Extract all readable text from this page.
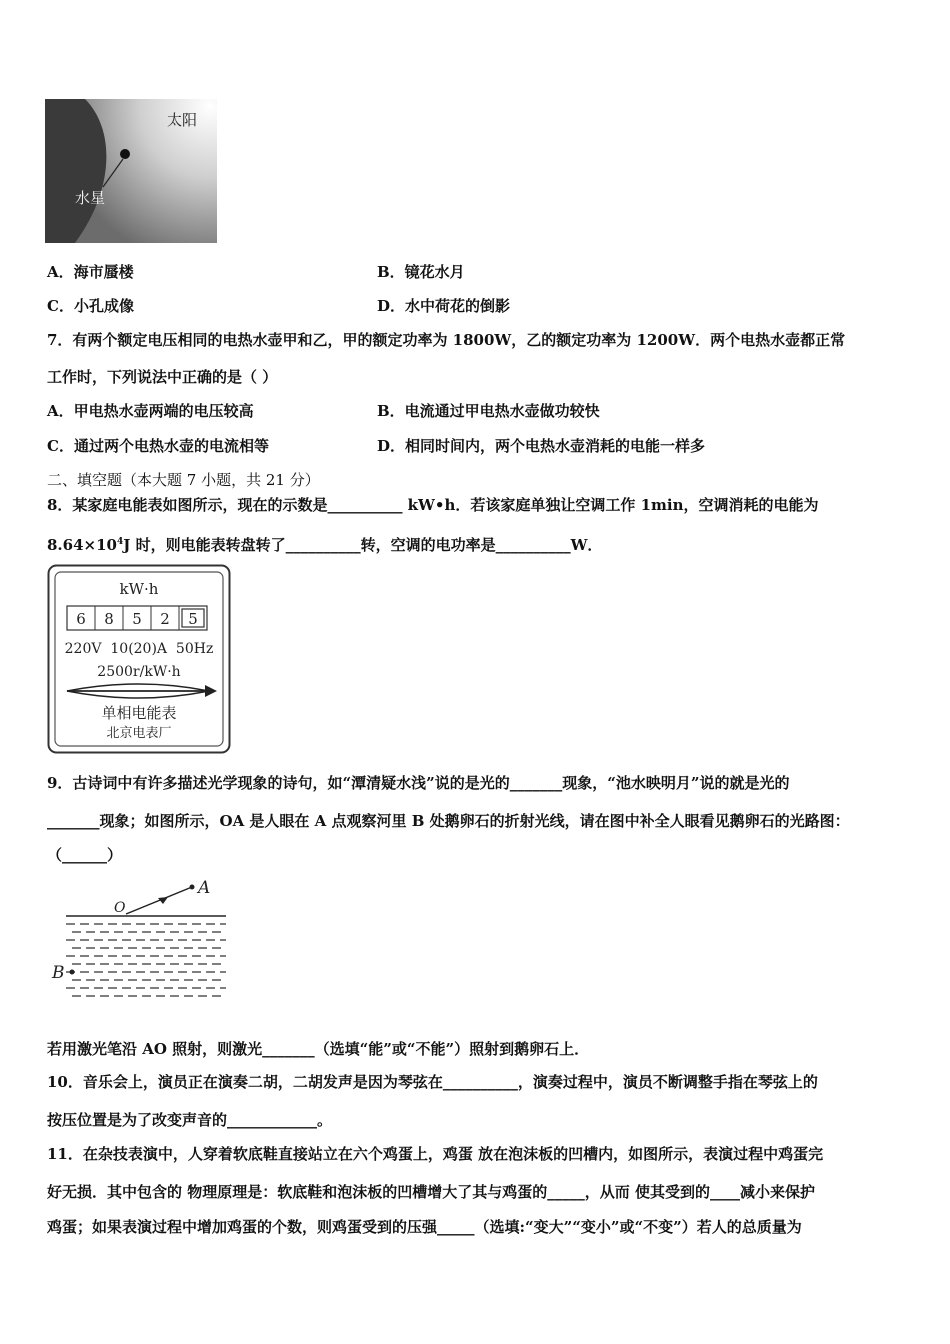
太阳
水星
A．海市蜃楼	B．镜花水月
C．小孔成像	D．水中荷花的倒影
7．有两个额定电压相同的电热水壶甲和乙，甲的额定功率为 1800W，乙的额定功率为 1200W．两个电热水壶都正常
工作时，下列说法中正确的是（ ）
A．甲电热水壶两端的电压较高	B．电流通过甲电热水壶做功较快
C．通过两个电热水壶的电流相等	D．相同时间内，两个电热水壶消耗的电能一样多
二、填空题（本大题 7 小题，共 21 分）
8．某家庭电能表如图所示，现在的示数是__________ kW•h．若该家庭单独让空调工作 1min，空调消耗的电能为
$8.64\times 10^4J$ 时，则电能表转盘转了__________转，空调的电功率是__________W．
kW·h
6 8 5 2 5
220V  10(20)A  50Hz
2500r/kW·h
单相电能表
北京电表厂
9．古诗词中有许多描述光学现象的诗句，如“潭清疑水浅”说的是光的_______现象，“池水映明月”说的就是光的
_______现象；如图所示，OA 是人眼在 A 点观察河里 B 处鹅卵石的折射光线，请在图中补全人眼看见鹅卵石的光路图：
（______）
A
O
B
若用激光笔沿 AO 照射，则激光_______（选填“能”或“不能”）照射到鹅卵石上．
10．音乐会上，演员正在演奏二胡，二胡发声是因为琴弦在__________，演奏过程中，演员不断调整手指在琴弦上的
按压位置是为了改变声音的____________。
11．在杂技表演中，人穿着软底鞋直接站立在六个鸡蛋上，鸡蛋 放在泡沫板的凹槽内，如图所示，表演过程中鸡蛋完
好无损．其中包含的 物理原理是：软底鞋和泡沫板的凹槽增大了其与鸡蛋的_____，从而 使其受到的____减小来保护
鸡蛋；如果表演过程中增加鸡蛋的个数，则鸡蛋受到的压强_____（选填:“变大”“变小”或“不变”）若人的总质量为
